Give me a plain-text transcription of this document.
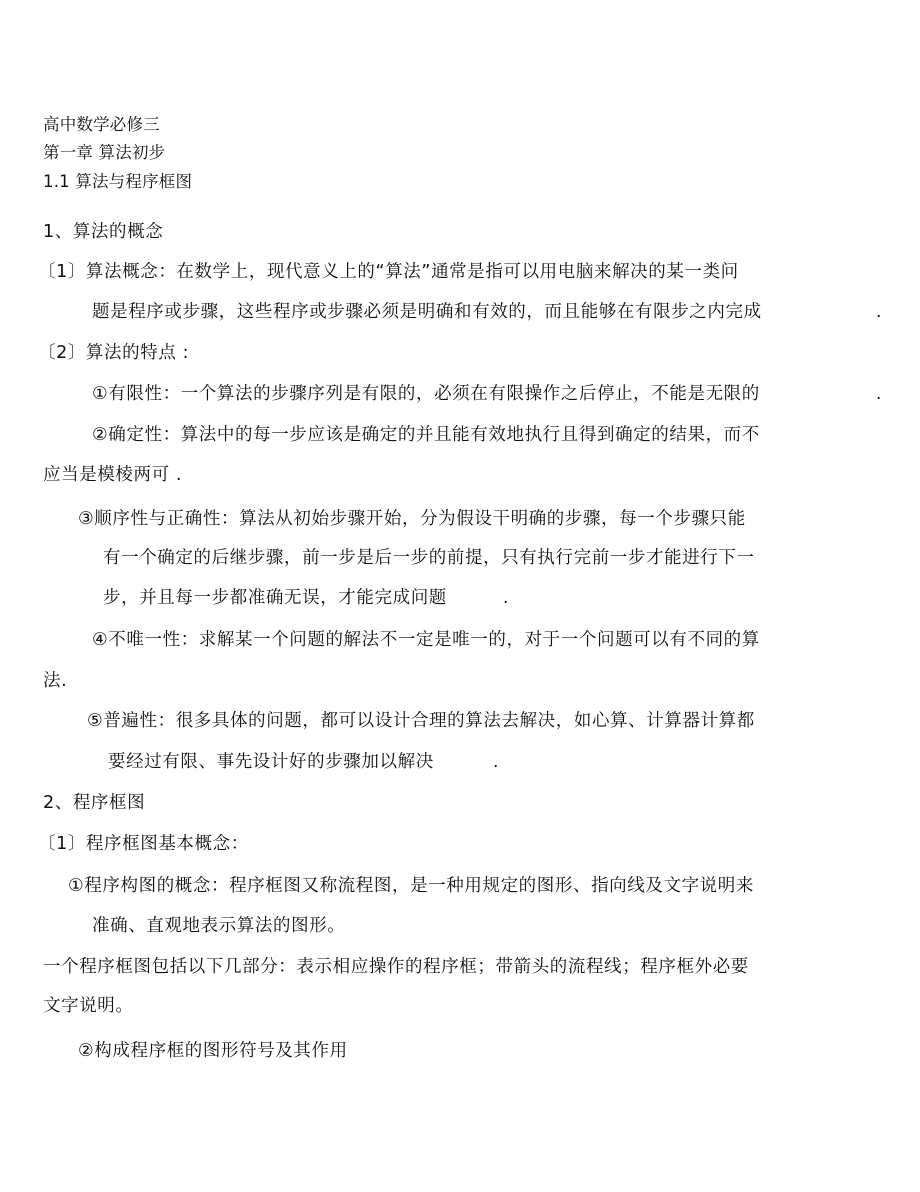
高中数学必修三
第一章 算法初步
1.1 算法与程序框图
1、算法的概念
〔1〕算法概念：在数学上，现代意义上的“算法”通常是指可以用电脑来解决的某一类问
题是程序或步骤，这些程序或步骤必须是明确和有效的，而且能够在有限步之内完成	.
〔2〕算法的特点 :
①有限性：一个算法的步骤序列是有限的，必须在有限操作之后停止，不能是无限的	.
②确定性：算法中的每一步应该是确定的并且能有效地执行且得到确定的结果，而不
应当是模棱两可 .
③顺序性与正确性：算法从初始步骤开始，分为假设干明确的步骤，每一个步骤只能
有一个确定的后继步骤，前一步是后一步的前提，只有执行完前一步才能进行下一
步，并且每一步都准确无误，才能完成问题	.
④不唯一性：求解某一个问题的解法不一定是唯一的，对于一个问题可以有不同的算
法.
⑤普遍性：很多具体的问题，都可以设计合理的算法去解决，如心算、计算器计算都
要经过有限、事先设计好的步骤加以解决	.
2、程序框图
〔1〕程序框图基本概念：
①程序构图的概念：程序框图又称流程图，是一种用规定的图形、指向线及文字说明来
准确、直观地表示算法的图形。
一个程序框图包括以下几部分：表示相应操作的程序框；带箭头的流程线；程序框外必要
文字说明。
②构成程序框的图形符号及其作用
